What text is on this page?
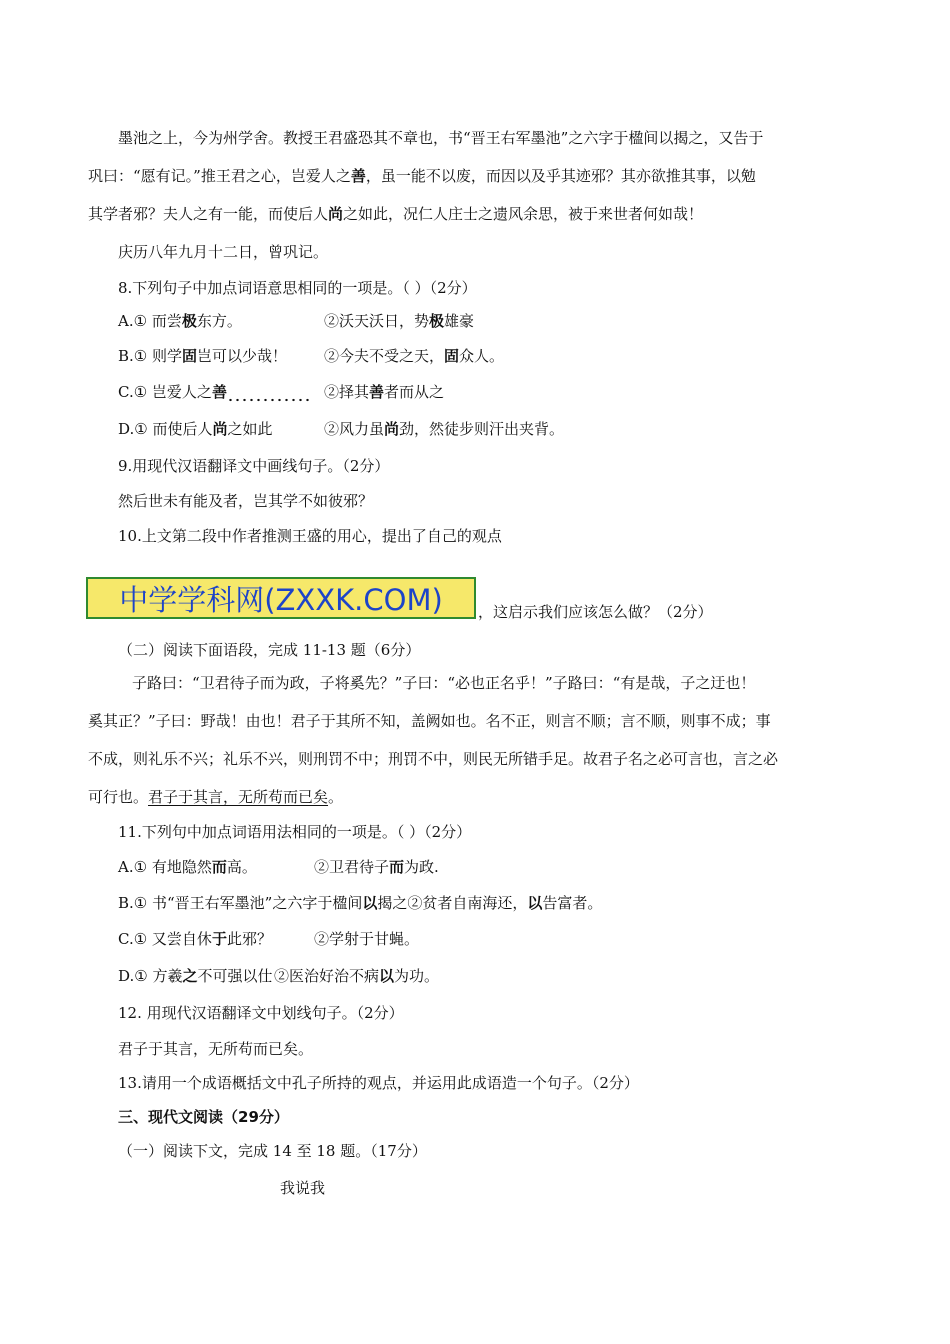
墨池之上，今为州学舍。教授王君盛恐其不章也，书“晋王右军墨池”之六字于楹间以揭之，又告于
巩曰：“愿有记。”推王君之心，岂爱人之善，虽一能不以废，而因以及乎其迹邪？其亦欲推其事，以勉
其学者邪？夫人之有一能，而使后人尚之如此，况仁人庄士之遗风余思，被于来世者何如哉！
庆历八年九月十二日，曾巩记。
8.下列句子中加点词语意思相同的一项是。（ ）（2分）
A.① 而尝极东方。	②沃天沃日，势极雄豪
B.① 则学固岂可以少哉！ ②今夫不受之天，固众人。
C.① 岂爱人之善	②择其善者而从之
D.① 而使后人尚之如此	②风力虽尚劲，然徒步则汗出夹背。
9.用现代汉语翻译文中画线句子。（2分）
然后世未有能及者，岂其学不如彼邪？
10.上文第二段中作者推测王盛的用心，提出了自己的观点
中学学科网(ZXXK.COM) ，这启示我们应该怎么做？（2分）
（二）阅读下面语段，完成 11-13 题（6分）
子路曰：“卫君待子而为政，子将奚先？”子曰：“必也正名乎！”子路曰：“有是哉，子之迂也！
奚其正？”子曰：野哉！由也！君子于其所不知，盖阙如也。名不正，则言不顺；言不顺，则事不成；事
不成，则礼乐不兴；礼乐不兴，则刑罚不中；刑罚不中，则民无所错手足。故君子名之必可言也，言之必
可行也。君子于其言，无所苟而已矣。
11.下列句中加点词语用法相同的一项是。（ ）（2分）
A.① 有地隐然而高。	②卫君待子而为政.
B.① 书“晋王右军墨池”之六字于楹间以揭之②贫者自南海还，以告富者。
C.① 又尝自休于此邪？	②学射于甘蝇。
D.① 方羲之不可强以仕  ②医治好治不病以为功。
12. 用现代汉语翻译文中划线句子。（2分）
君子于其言，无所苟而已矣。
13.请用一个成语概括文中孔子所持的观点，并运用此成语造一个句子。（2分）
三、现代文阅读（29分）
（一）阅读下文，完成 14 至 18 题。（17分）
我说我
